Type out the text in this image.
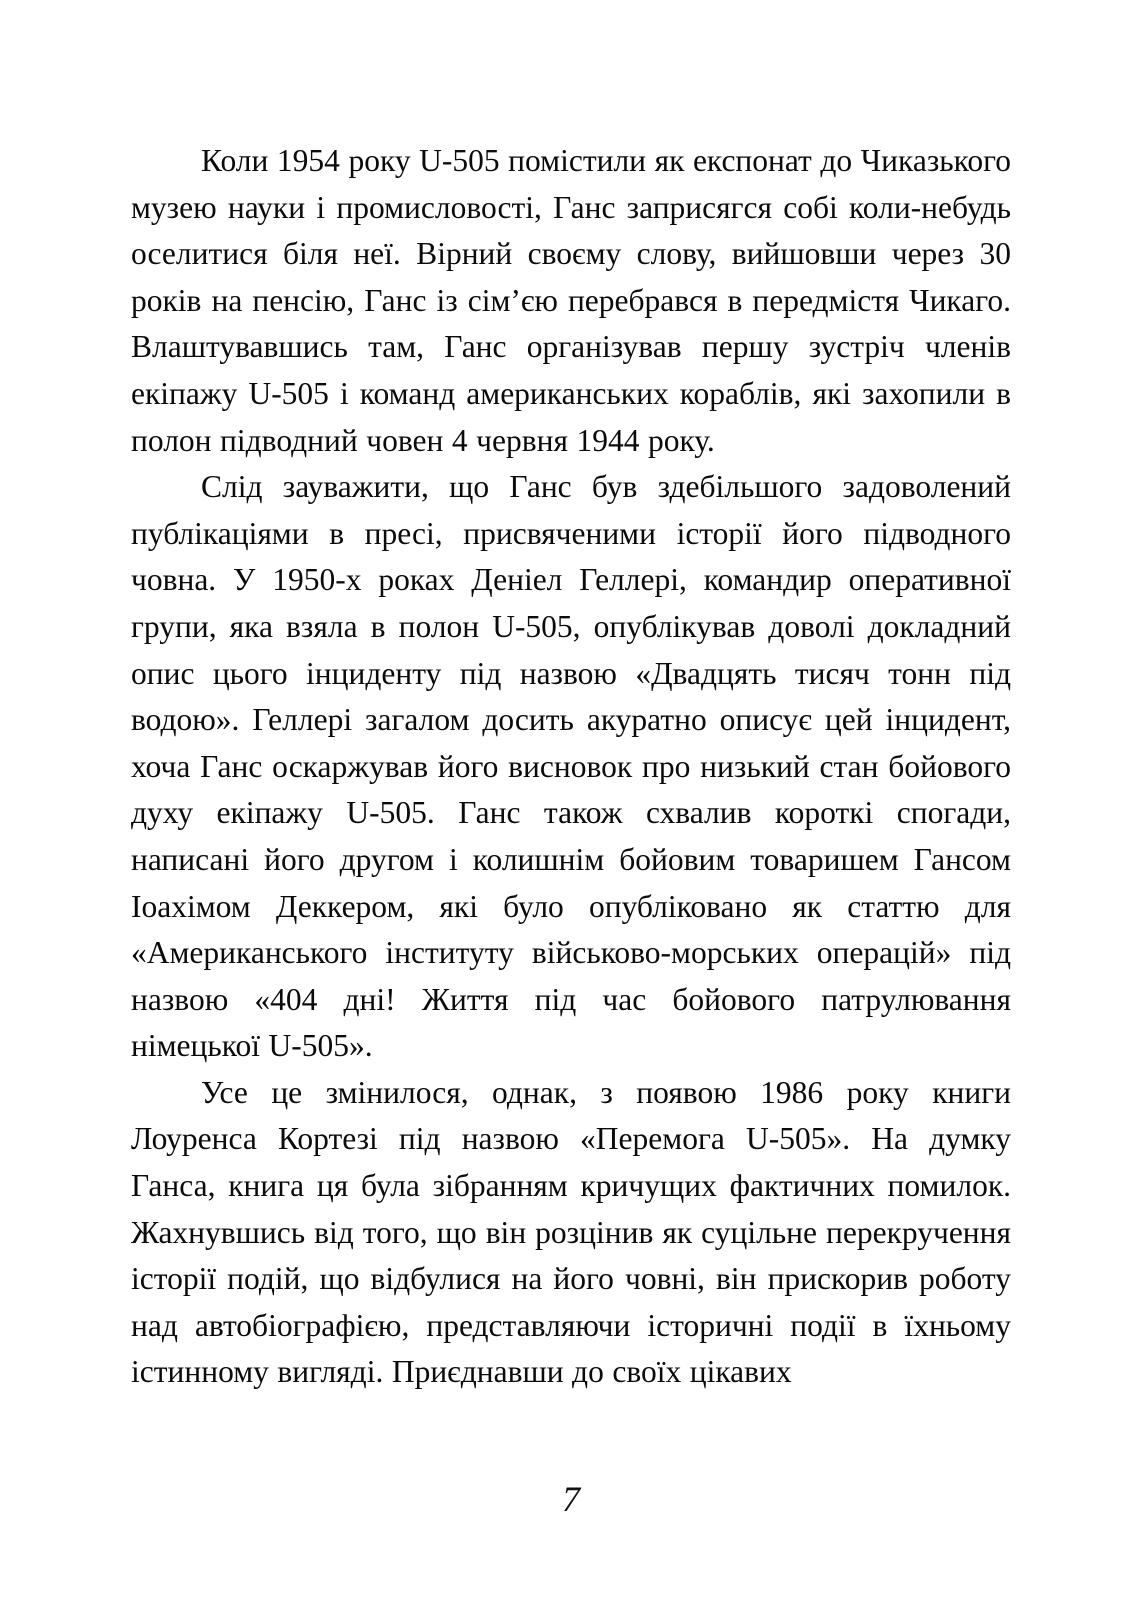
Коли 1954 року U-505 помістили як експонат до Чиказького музею науки і промисловості, Ганс заприсягся собі коли-небудь оселитися біля неї. Вірний своєму слову, вийшовши через 30 років на пенсію, Ганс із сім’єю перебрався в передмістя Чикаго. Влаштувавшись там, Ганс організував першу зустріч членів екіпажу U-505 і команд американських кораблів, які захопили в полон підводний човен 4 червня 1944 року.

Слід зауважити, що Ганс був здебільшого задоволений публікаціями в пресі, присвяченими історії його підводного човна. У 1950-х роках Деніел Геллері, командир оперативної групи, яка взяла в полон U-505, опублікував доволі докладний опис цього інциденту під назвою «Двадцять тисяч тонн під водою». Геллері загалом досить акуратно описує цей інцидент, хоча Ганс оскаржував його висновок про низький стан бойового духу екіпажу U-505. Ганс також схвалив короткі спогади, написані його другом і колишнім бойовим товаришем Гансом Іоахімом Деккером, які було опубліковано як статтю для «Американського інституту військово-морських операцій» під назвою «404 дні! Життя під час бойового патрулювання німецької U-505».

Усе це змінилося, однак, з появою 1986 року книги Лоуренса Кортезі під назвою «Перемога U-505». На думку Ганса, книга ця була зібранням кричущих фактичних помилок. Жахнувшись від того, що він розцінив як суцільне перекручення історії подій, що відбулися на його човні, він прискорив роботу над автобіографією, представляючи історичні події в їхньому істинному вигляді. Приєднавши до своїх цікавих

7
